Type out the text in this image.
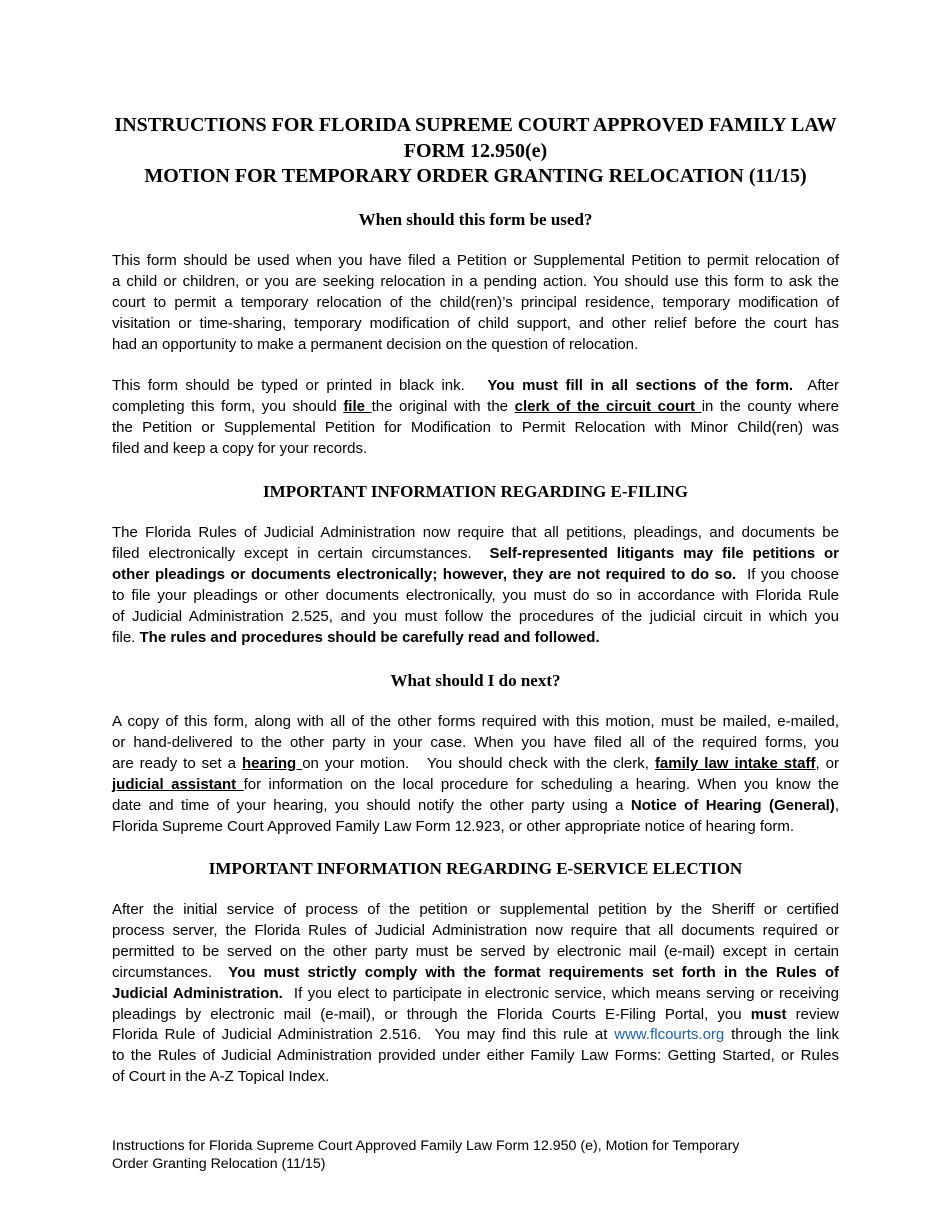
INSTRUCTIONS FOR FLORIDA SUPREME COURT APPROVED FAMILY LAW
FORM 12.950(e)
MOTION FOR TEMPORARY ORDER GRANTING RELOCATION (11/15)
When should this form be used?
This form should be used when you have filed a Petition or Supplemental Petition to permit relocation of
a child or children, or you are seeking relocation in a pending action. You should use this form to ask the
court to permit a temporary relocation of the child(ren)’s principal residence, temporary modification of
visitation or time-sharing, temporary modification of child support, and other relief before the court has
had an opportunity to make a permanent decision on the question of relocation.
This form should be typed or printed in black ink.   You must fill in all sections of the form.  After
completing this form, you should file the original with the clerk of the circuit court in the county where
the Petition or Supplemental Petition for Modification to Permit Relocation with Minor Child(ren) was
filed and keep a copy for your records.
IMPORTANT INFORMATION REGARDING E-FILING
The Florida Rules of Judicial Administration now require that all petitions, pleadings, and documents be
filed electronically except in certain circumstances.  Self-represented litigants may file petitions or
other pleadings or documents electronically; however, they are not required to do so.  If you choose
to file your pleadings or other documents electronically, you must do so in accordance with Florida Rule
of Judicial Administration 2.525, and you must follow the procedures of the judicial circuit in which you
file. The rules and procedures should be carefully read and followed.
What should I do next?
A copy of this form, along with all of the other forms required with this motion, must be mailed, e-mailed,
or hand-delivered to the other party in your case. When you have filed all of the required forms, you
are ready to set a hearing on your motion.   You should check with the clerk, family law intake staff, or
judicial assistant for information on the local procedure for scheduling a hearing. When you know the
date and time of your hearing, you should notify the other party using a Notice of Hearing (General),
Florida Supreme Court Approved Family Law Form 12.923, or other appropriate notice of hearing form.
IMPORTANT INFORMATION REGARDING E-SERVICE ELECTION
After the initial service of process of the petition or supplemental petition by the Sheriff or certified
process server, the Florida Rules of Judicial Administration now require that all documents required or
permitted to be served on the other party must be served by electronic mail (e-mail) except in certain
circumstances.  You must strictly comply with the format requirements set forth in the Rules of
Judicial Administration.  If you elect to participate in electronic service, which means serving or receiving
pleadings by electronic mail (e-mail), or through the Florida Courts E-Filing Portal, you must review
Florida Rule of Judicial Administration 2.516.  You may find this rule at www.flcourts.org through the link
to the Rules of Judicial Administration provided under either Family Law Forms: Getting Started, or Rules
of Court in the A-Z Topical Index.
Instructions for Florida Supreme Court Approved Family Law Form 12.950 (e), Motion for Temporary
Order Granting Relocation (11/15)
